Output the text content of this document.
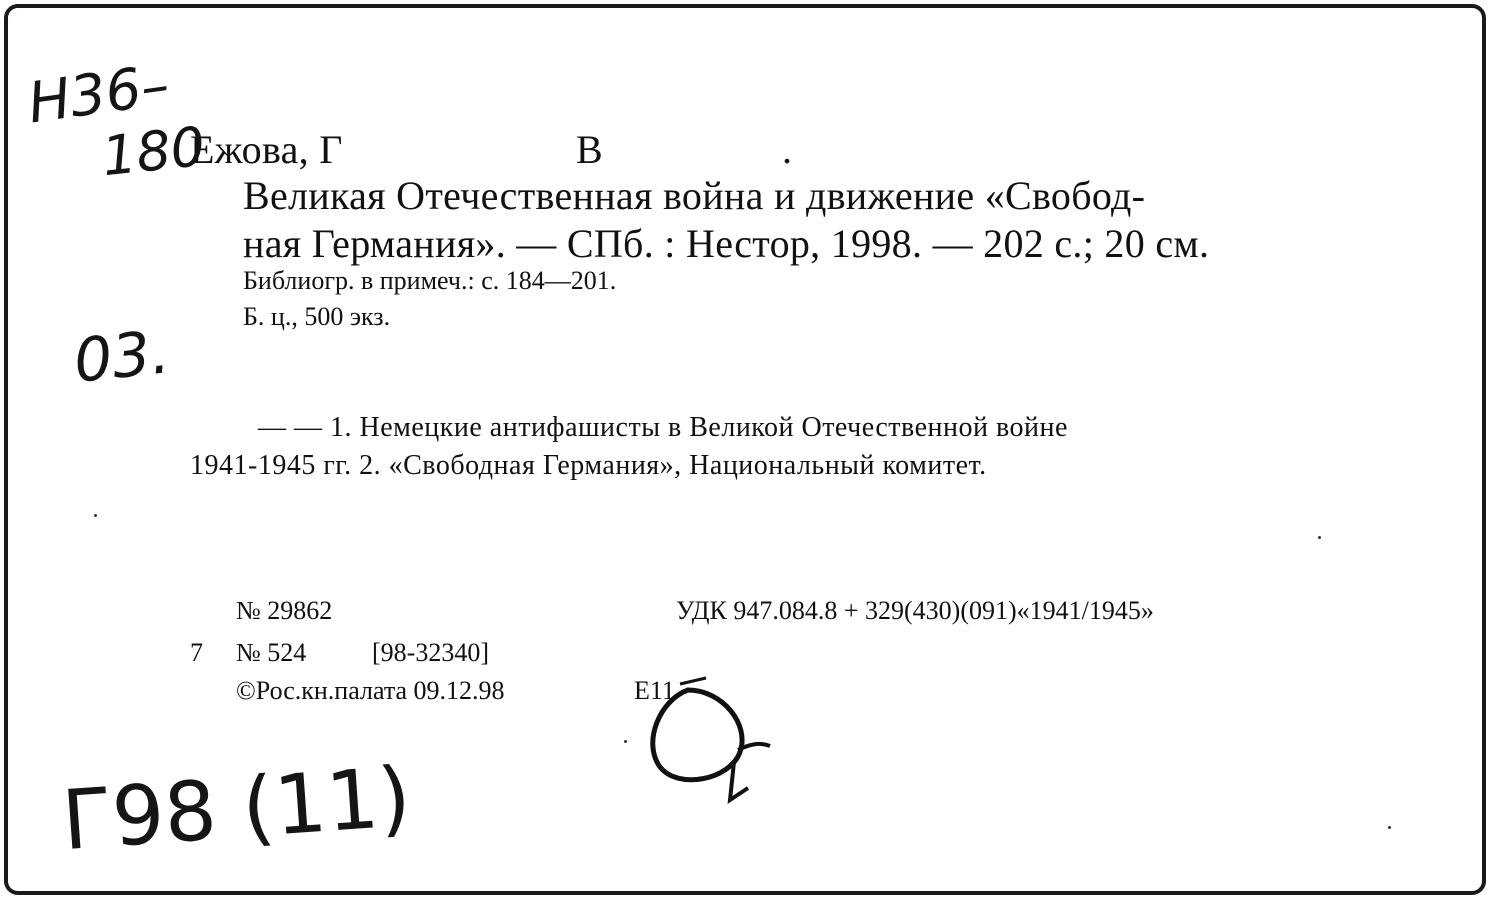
Н36–
180
03.
Г98 (11)
Ежова, Г	В	.
Великая Отечественная война и движение «Свобод-
ная Германия». — СПб. : Нестор, 1998. — 202 с.; 20 см.
Библиогр. в примеч.: с. 184—201.
Б. ц., 500 экз.
— — 1. Немецкие антифашисты в Великой Отечественной войне
1941-1945 гг. 2. «Свободная Германия», Национальный комитет.
№ 29862	УДК 947.084.8 + 329(430)(091)«1941/1945»
7 № 524	[98-32340]
©Рос.кн.палата 09.12.98	Е11
